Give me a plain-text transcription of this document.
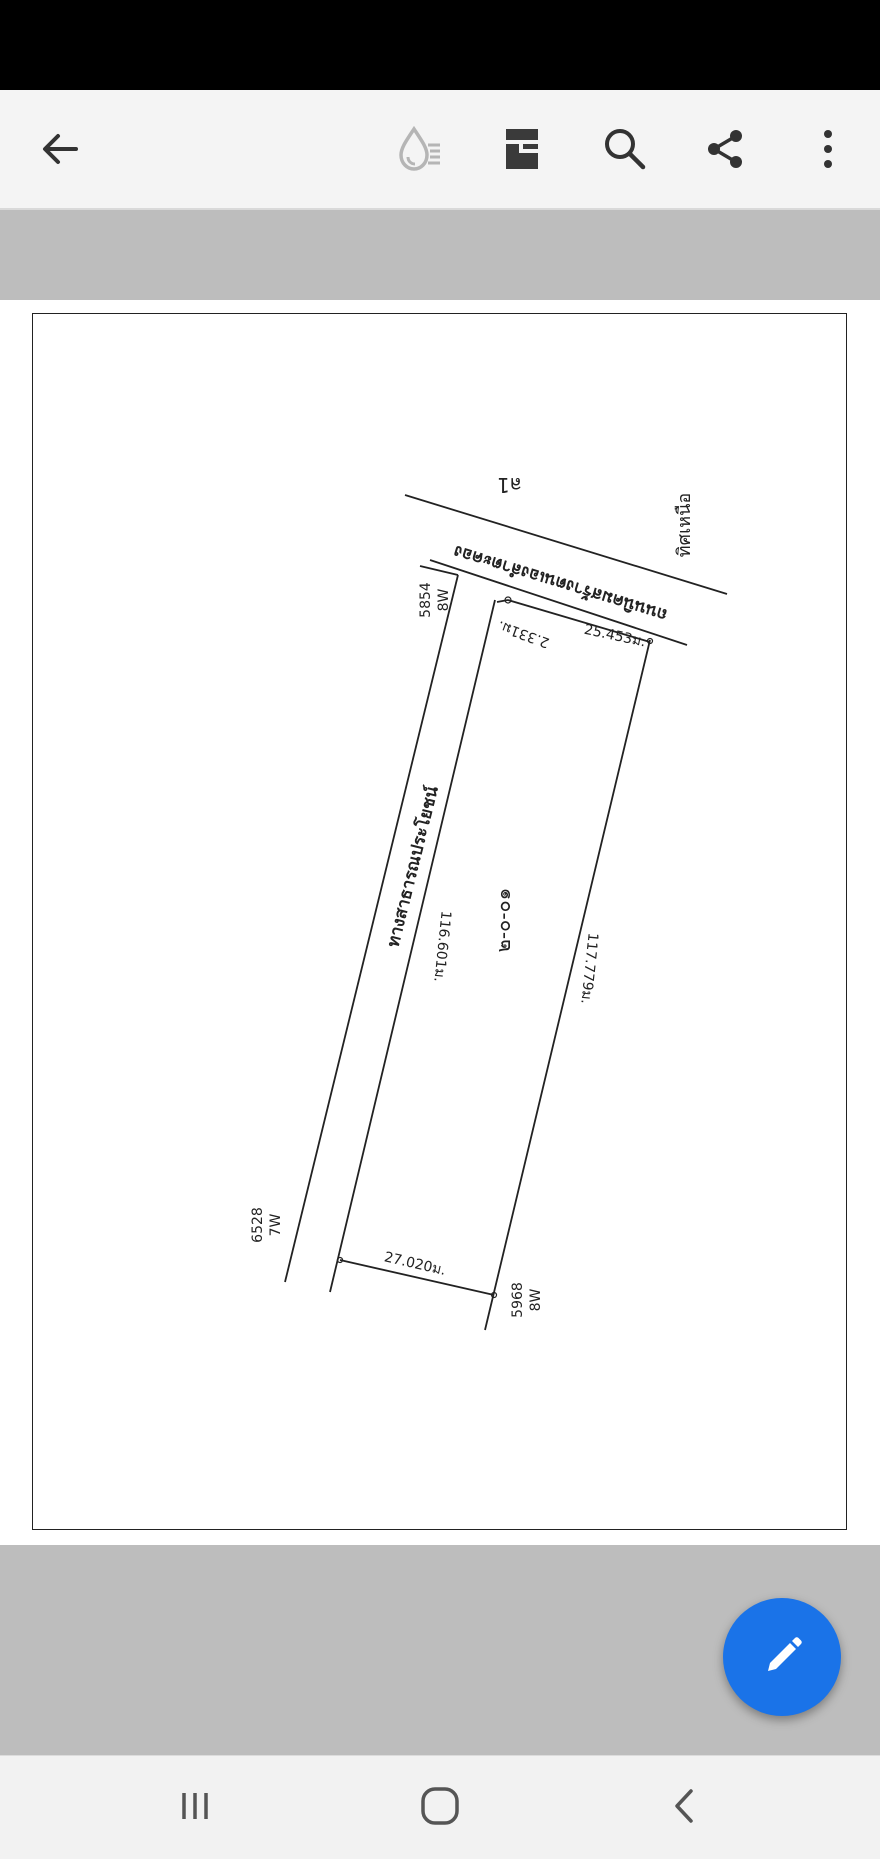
ล1
ทิศเหนือ
ถนนนิคมสร้างตนเองลำตะคอง
ทางสาธารณประโยชน์ ๒-๐-๐๑
8W5854
7W6528
8W5968
2.331ม. 25.453ม.
116.601ม.	117.779ม.
27.020ม.
